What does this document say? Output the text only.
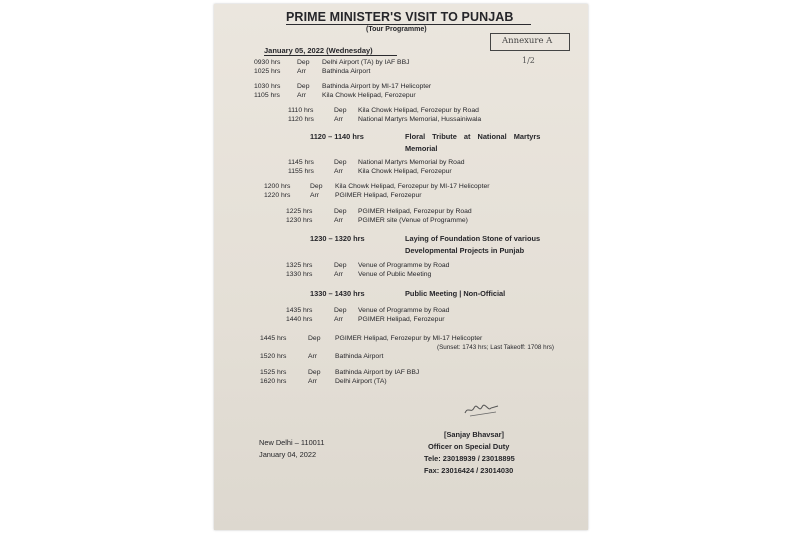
PRIME MINISTER'S VISIT TO PUNJAB
(Tour Programme)
Annexure A
1/2
January 05, 2022 (Wednesday)
0930 hrs Dep Delhi Airport (TA) by IAF BBJ
1025 hrs Arr Bathinda Airport
1030 hrs Dep Bathinda Airport by MI-17 Helicopter
1105 hrs	Arr Kila Chowk Helipad, Ferozepur
1110 hrs	Dep Kila Chowk Helipad, Ferozepur by Road
1120 hrs	Arr National Martyrs Memorial, Hussainiwala
1120 – 1140 hrs	Floral Tribute at National Martyrs
Memorial
1145 hrs	Dep National Martyrs Memorial by Road
1155 hrs	Arr Kila Chowk Helipad, Ferozepur
1200 hrs	Dep Kila Chowk Helipad, Ferozepur by MI-17 Helicopter
1220 hrs	Arr PGIMER Helipad, Ferozepur
1225 hrs	Dep PGIMER Helipad, Ferozepur by Road
1230 hrs	Arr PGIMER site (Venue of Programme)
1230 – 1320 hrs	Laying of Foundation Stone of various
Developmental Projects in Punjab
1325 hrs	Dep Venue of Programme by Road
1330 hrs	Arr Venue of Public Meeting
1330 – 1430 hrs	Public Meeting | Non-Official
1435 hrs	Dep Venue of Programme by Road
1440 hrs	Arr PGIMER Helipad, Ferozepur
1445 hrs	Dep PGIMER Helipad, Ferozepur by MI-17 Helicopter
(Sunset: 1743 hrs; Last Takeoff: 1708 hrs)
1520 hrs	Arr	Bathinda Airport
1525 hrs	Dep Bathinda Airport by IAF BBJ
1620 hrs	Arr	Delhi Airport (TA)
New Delhi – 110011
January 04, 2022
[Sanjay Bhavsar]
Officer on Special Duty
Tele: 23018939 / 23018895
Fax: 23016424 / 23014030
